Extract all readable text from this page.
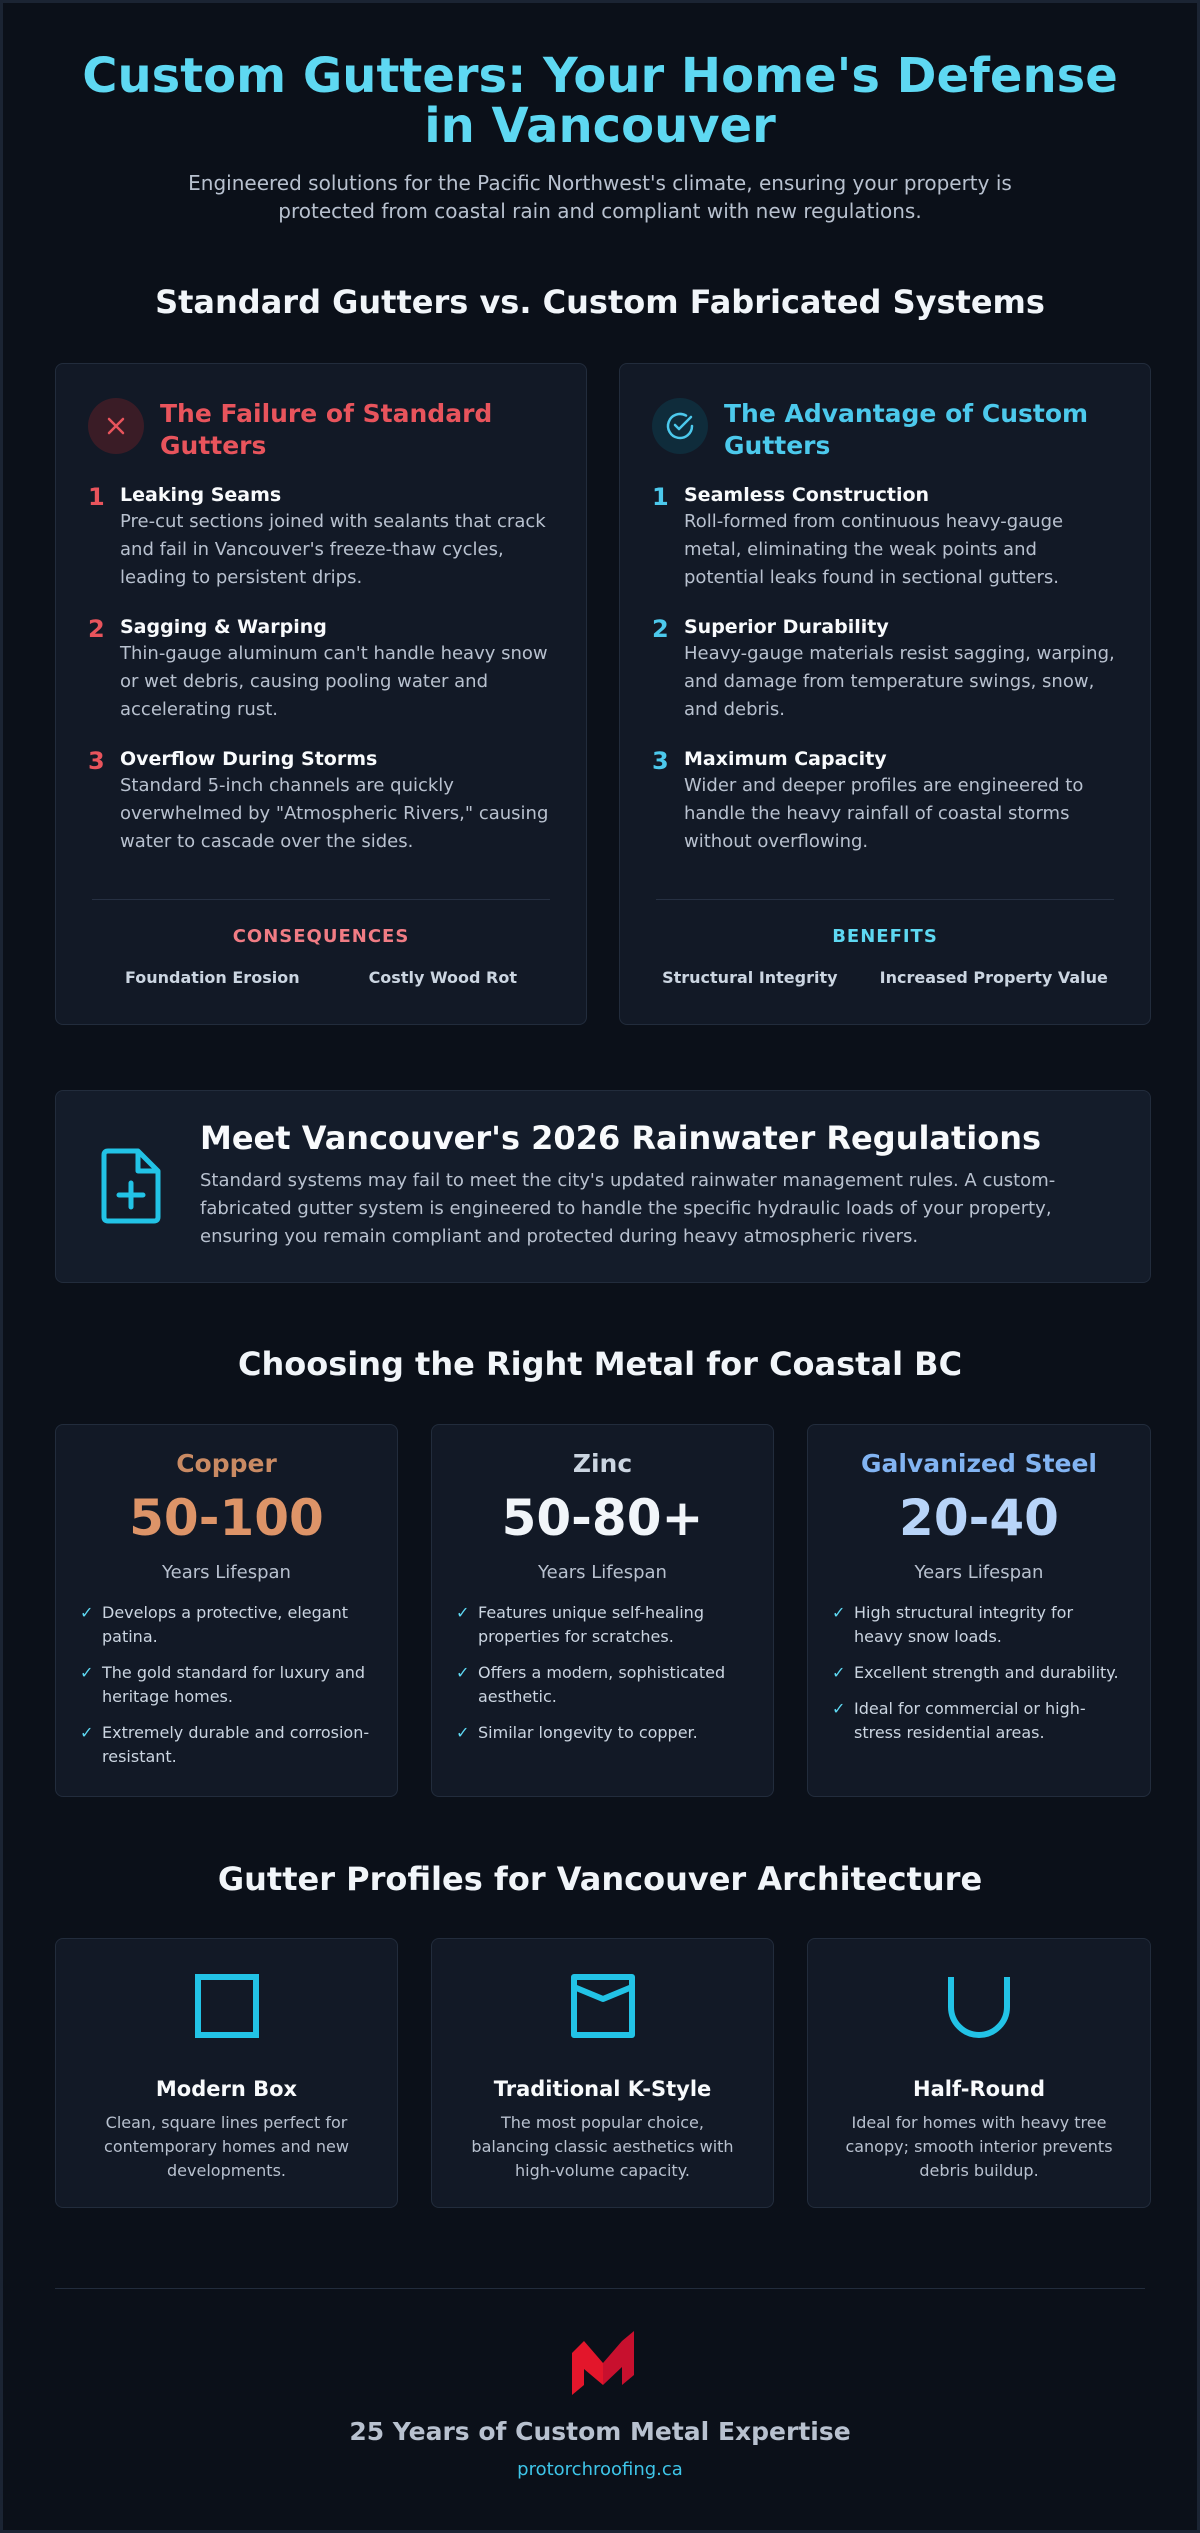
Custom Gutters: Your Home's Defense in Vancouver
Engineered solutions for the Pacific Northwest's climate, ensuring your property is protected from coastal rain and compliant with new regulations.
Standard Gutters vs. Custom Fabricated Systems
The Failure of Standard Gutters
1 Leaking Seams
Pre-cut sections joined with sealants that crack and fail in Vancouver's freeze-thaw cycles, leading to persistent drips.
2 Sagging & Warping
Thin-gauge aluminum can't handle heavy snow or wet debris, causing pooling water and accelerating rust.
3 Overflow During Storms
Standard 5-inch channels are quickly overwhelmed by "Atmospheric Rivers," causing water to cascade over the sides.
CONSEQUENCES
Foundation Erosion	Costly Wood Rot
The Advantage of Custom Gutters
1 Seamless Construction
Roll-formed from continuous heavy-gauge metal, eliminating the weak points and potential leaks found in sectional gutters.
2 Superior Durability
Heavy-gauge materials resist sagging, warping, and damage from temperature swings, snow, and debris.
3 Maximum Capacity
Wider and deeper profiles are engineered to handle the heavy rainfall of coastal storms without overflowing.
BENEFITS
Structural Integrity	Increased Property Value
Meet Vancouver's 2026 Rainwater Regulations
Standard systems may fail to meet the city's updated rainwater management rules. A custom-fabricated gutter system is engineered to handle the specific hydraulic loads of your property, ensuring you remain compliant and protected during heavy atmospheric rivers.
Choosing the Right Metal for Coastal BC
Copper
50-100
Years Lifespan
✓ Develops a protective, elegant patina.
✓ The gold standard for luxury and heritage homes.
✓ Extremely durable and corrosion-resistant.
Zinc
50-80+
Years Lifespan
✓ Features unique self-healing properties for scratches.
✓ Offers a modern, sophisticated aesthetic.
✓ Similar longevity to copper.
Galvanized Steel
20-40
Years Lifespan
✓ High structural integrity for heavy snow loads.
✓ Excellent strength and durability.
✓ Ideal for commercial or high-stress residential areas.
Gutter Profiles for Vancouver Architecture
Modern Box
Clean, square lines perfect for contemporary homes and new developments.
Traditional K-Style
The most popular choice, balancing classic aesthetics with high-volume capacity.
Half-Round
Ideal for homes with heavy tree canopy; smooth interior prevents debris buildup.
25 Years of Custom Metal Expertise
protorchroofing.ca
